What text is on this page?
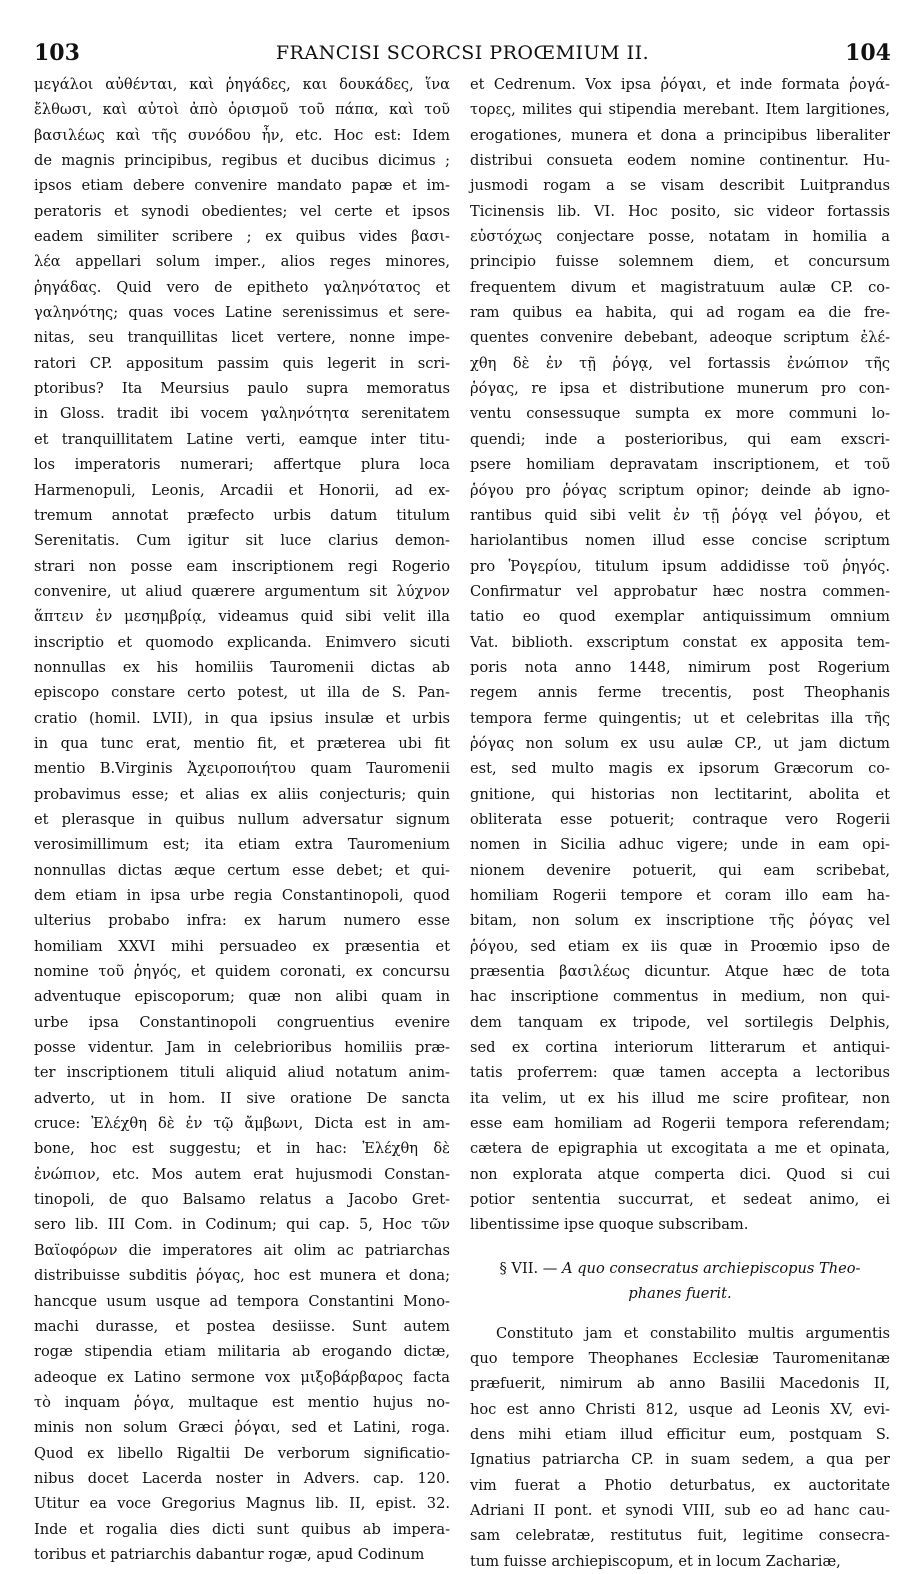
103	FRANCISI SCORCSI PROŒMIUM II.	104
μεγάλοι αὐθένται, καὶ ῥηγάδες, και δουκάδες, ἵνα
ἔλθωσι, καὶ αὐτοὶ ἀπὸ ὁρισμοῦ τοῦ πάπα, καὶ τοῦ
βασιλέως καὶ τῆς συνόδου ἦν, etc. Hoc est: Idem
de magnis principibus, regibus et ducibus dicimus ;
ipsos etiam debere convenire mandato papæ et im-
peratoris et synodi obedientes; vel certe et ipsos
eadem similiter scribere ; ex quibus vides βασι-
λέα appellari solum imper., alios reges minores,
ῥηγάδας. Quid vero de epitheto γαληνότατος et
γαληνότης; quas voces Latine serenissimus et sere-
nitas, seu tranquillitas licet vertere, nonne impe-
ratori CP. appositum passim quis legerit in scri-
ptoribus? Ita Meursius paulo supra memoratus
in Gloss. tradit ibi vocem γαληνότητα serenitatem
et tranquillitatem Latine verti, eamque inter titu-
los imperatoris numerari; affertque plura loca
Harmenopuli, Leonis, Arcadii et Honorii, ad ex-
tremum annotat præfecto urbis datum titulum
Serenitatis. Cum igitur sit luce clarius demon-
strari non posse eam inscriptionem regi Rogerio
convenire, ut aliud quærere argumentum sit λύχνον
ἅπτειν ἐν μεσημβρίᾳ, videamus quid sibi velit illa
inscriptio et quomodo explicanda. Enimvero sicuti
nonnullas ex his homiliis Tauromenii dictas ab
episcopo constare certo potest, ut illa de S. Pan-
cratio (homil. LVII), in qua ipsius insulæ et urbis
in qua tunc erat, mentio fit, et præterea ubi fit
mentio B.Virginis Ἀχειροποιήτου quam Tauromenii
probavimus esse; et alias ex aliis conjecturis; quin
et plerasque in quibus nullum adversatur signum
verosimillimum est; ita etiam extra Tauromenium
nonnullas dictas æque certum esse debet; et qui-
dem etiam in ipsa urbe regia Constantinopoli, quod
ulterius probabo infra: ex harum numero esse
homiliam XXVI mihi persuadeo ex præsentia et
nomine τοῦ ῥηγός, et quidem coronati, ex concursu
adventuque episcoporum; quæ non alibi quam in
urbe ipsa Constantinopoli congruentius evenire
posse videntur. Jam in celebrioribus homiliis præ-
ter inscriptionem tituli aliquid aliud notatum anim-
adverto, ut in hom. II sive oratione De sancta
cruce: Ἐλέχθη δὲ ἐν τῷ ἄμβωνι, Dicta est in am-
bone, hoc est suggestu; et in hac: Ἐλέχθη δὲ
ἐνώπιον, etc. Mos autem erat hujusmodi Constan-
tinopoli, de quo Balsamo relatus a Jacobo Gret-
sero lib. III Com. in Codinum; qui cap. 5, Hoc τῶν
Βαϊοφόρων die imperatores ait olim ac patriarchas
distribuisse subditis ῥόγας, hoc est munera et dona;
hancque usum usque ad tempora Constantini Mono-
machi durasse, et postea desiisse. Sunt autem
rogæ stipendia etiam militaria ab erogando dictæ,
adeoque ex Latino sermone vox μιξοβάρβαρος facta
τὸ inquam ῥόγα, multaque est mentio hujus no-
minis non solum Græci ῥόγαι, sed et Latini, roga.
Quod ex libello Rigaltii De verborum significatio-
nibus docet Lacerda noster in Advers. cap. 120.
Utitur ea voce Gregorius Magnus lib. II, epist. 32.
Inde et rogalia dies dicti sunt quibus ab impera-
toribus et patriarchis dabantur rogæ, apud Codinum
et Cedrenum. Vox ipsa ῥόγαι, et inde formata ῥογά-
τορες, milites qui stipendia merebant. Item largitiones,
erogationes, munera et dona a principibus liberaliter
distribui consueta eodem nomine continentur. Hu-
jusmodi rogam a se visam describit Luitprandus
Ticinensis lib. VI. Hoc posito, sic videor fortassis
εὐστόχως conjectare posse, notatam in homilia a
principio fuisse solemnem diem, et concursum
frequentem divum et magistratuum aulæ CP. co-
ram quibus ea habita, qui ad rogam ea die fre-
quentes convenire debebant, adeoque scriptum ἐλέ-
χθη δὲ ἐν τῇ ῥόγᾳ, vel fortassis ἐνώπιον τῆς
ῥόγας, re ipsa et distributione munerum pro con-
ventu consessuque sumpta ex more communi lo-
quendi; inde a posterioribus, qui eam exscri-
psere homiliam depravatam inscriptionem, et τοῦ
ῥόγου pro ῥόγας scriptum opinor; deinde ab igno-
rantibus quid sibi velit ἐν τῇ ῥόγᾳ vel ῥόγου, et
hariolantibus nomen illud esse concise scriptum
pro Ῥογερίου, titulum ipsum addidisse τοῦ ῥηγός.
Confirmatur vel approbatur hæc nostra commen-
tatio eo quod exemplar antiquissimum omnium
Vat. biblioth. exscriptum constat ex apposita tem-
poris nota anno 1448, nimirum post Rogerium
regem annis ferme trecentis, post Theophanis
tempora ferme quingentis; ut et celebritas illa τῆς
ῥόγας non solum ex usu aulæ CP., ut jam dictum
est, sed multo magis ex ipsorum Græcorum co-
gnitione, qui historias non lectitarint, abolita et
obliterata esse potuerit; contraque vero Rogerii
nomen in Sicilia adhuc vigere; unde in eam opi-
nionem devenire potuerit, qui eam scribebat,
homiliam Rogerii tempore et coram illo eam ha-
bitam, non solum ex inscriptione τῆς ῥόγας vel
ῥόγου, sed etiam ex iis quæ in Proœmio ipso de
præsentia βασιλέως dicuntur. Atque hæc de tota
hac inscriptione commentus in medium, non qui-
dem tanquam ex tripode, vel sortilegis Delphis,
sed ex cortina interiorum litterarum et antiqui-
tatis proferrem: quæ tamen accepta a lectoribus
ita velim, ut ex his illud me scire profitear, non
esse eam homiliam ad Rogerii tempora referendam;
cætera de epigraphia ut excogitata a me et opinata,
non explorata atque comperta dici. Quod si cui
potior sententia succurrat, et sedeat animo, ei
libentissime ipse quoque subscribam.
§ VII. — A quo consecratus archiepiscopus Theo-
phanes fuerit.
Constituto jam et constabilito multis argumentis
quo tempore Theophanes Ecclesiæ Tauromenitanæ
præfuerit, nimirum ab anno Basilii Macedonis II,
hoc est anno Christi 812, usque ad Leonis XV, evi-
dens mihi etiam illud efficitur eum, postquam S.
Ignatius patriarcha CP. in suam sedem, a qua per
vim fuerat a Photio deturbatus, ex auctoritate
Adriani II pont. et synodi VIII, sub eo ad hanc cau-
sam celebratæ, restitutus fuit, legitime consecra-
tum fuisse archiepiscopum, et in locum Zachariæ,
